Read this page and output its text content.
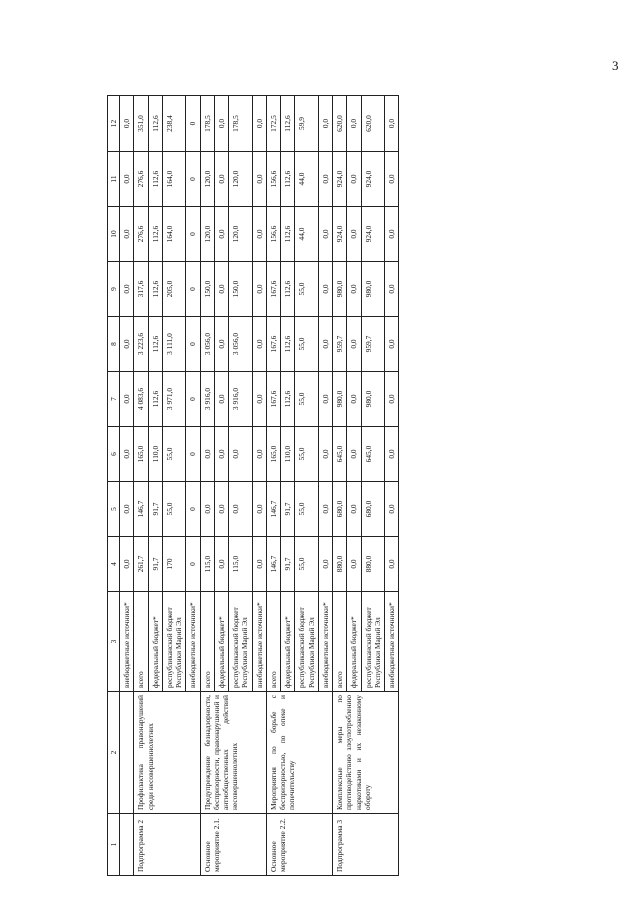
3
1	2	3	4	5	6	7	8	9	10	11	12
		внебюджетные источники*	0,0	0,0	0,0	0,0	0,0	0,0	0,0	0,0	0,0
Подпрограмма 2	Профилактика правонарушений среди несовершеннолетних	всего	261,7	146,7	165,0	4 083,6	3 223,6	317,6	276,6	276,6	351,0
		федеральный бюджет*	91,7	91,7	110,0	112,6	112,6	112,6	112,6	112,6	112,6
		республиканский бюджет Республики Марий Эл	170	55,0	55,0	3 971,0	3 111,0	205,0	164,0	164,0	238,4
		внебюджетные источники*	0	0	0	0	0	0	0	0	0
Основное мероприятие 2.1.	Предупреждение безнадзорности, беспризорности, правонарушений и антиобщественных действий несовершеннолетних	всего	115,0	0,0	0,0	3 916,0	3 056,0	150,0	120,0	120,0	178,5
		федеральный бюджет*	0,0	0,0	0,0	0,0	0,0	0,0	0,0	0,0	0,0
		республиканский бюджет Республики Марий Эл	115,0	0,0	0,0	3 916,0	3 056,0	150,0	120,0	120,0	178,5
		внебюджетные источники*	0,0	0,0	0,0	0,0	0,0	0,0	0,0	0,0	0,0
Основное мероприятие 2.2.	Мероприятия по борьбе с беспризорностью, по опеке и попечительству	всего	146,7	146,7	165,0	167,6	167,6	167,6	156,6	156,6	172,5
		федеральный бюджет*	91,7	91,7	110,0	112,6	112,6	112,6	112,6	112,6	112,6
		республиканский бюджет Республики Марий Эл	55,0	55,0	55,0	55,0	55,0	55,0	44,0	44,0	59,9
		внебюджетные источники*	0,0	0,0	0,0	0,0	0,0	0,0	0,0	0,0	0,0
Подпрограмма 3	Комплексные меры по противодействию злоупотреблению наркотиками и их незаконному обороту	всего	880,0	680,0	645,0	980,0	959,7	980,0	924,0	924,0	620,0
		федеральный бюджет*	0,0	0,0	0,0	0,0	0,0	0,0	0,0	0,0	0,0
		республиканский бюджет Республики Марий Эл	880,0	680,0	645,0	980,0	959,7	980,0	924,0	924,0	620,0
		внебюджетные источники*	0,0	0,0	0,0	0,0	0,0	0,0	0,0	0,0	0,0
